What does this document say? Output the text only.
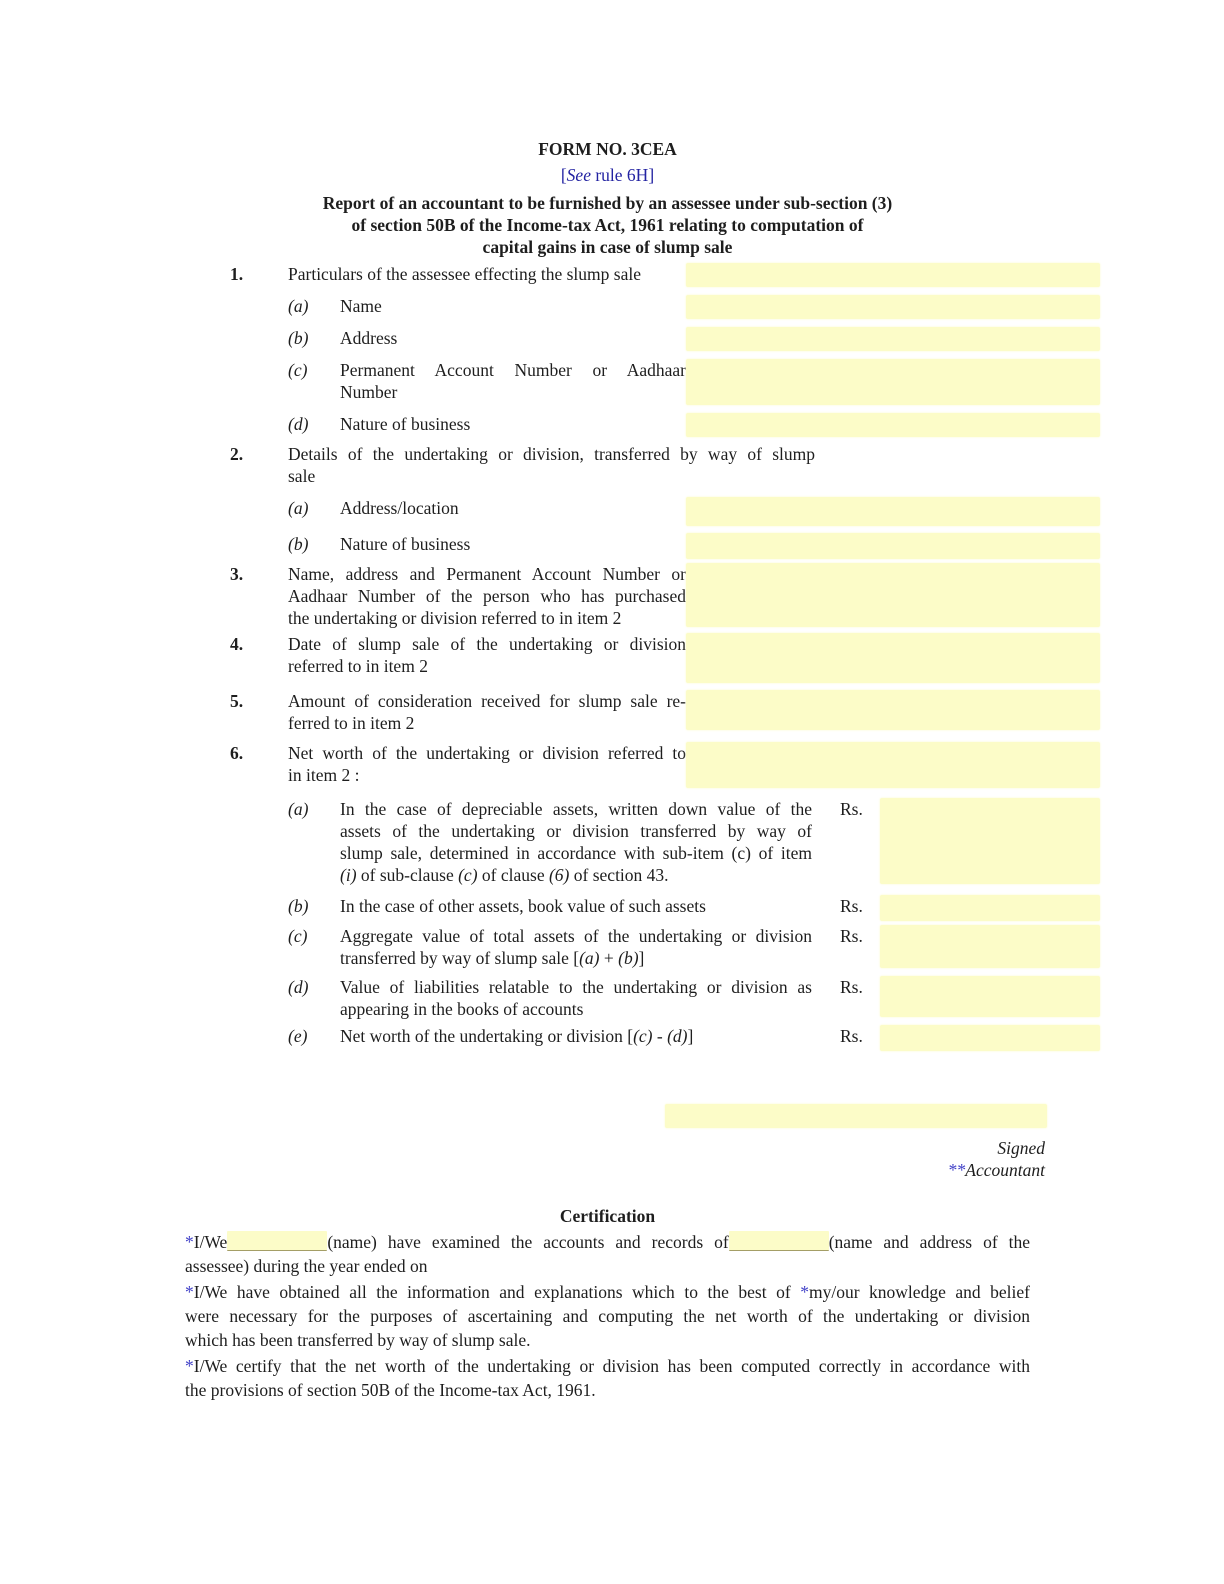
FORM NO. 3CEA
[See rule 6H]
Report of an accountant to be furnished by an assessee under sub-section (3)
of section 50B of the Income-tax Act, 1961 relating to computation of
capital gains in case of slump sale
1.	Particulars of the assessee effecting the slump sale
(a)	Name
(b)	Address
(c)	Permanent Account Number or Aadhaar
Number
(d)	Nature of business
2.	Details of the undertaking or division, transferred by way of slump
sale
(a)	Address/location
(b)	Nature of business
3.	Name, address and Permanent Account Number or
Aadhaar Number of the person who has purchased
the undertaking or division referred to in item 2
4.	Date of slump sale of the undertaking or division
referred to in item 2
5.	Amount of consideration received for slump sale re-
ferred to in item 2
6.	Net worth of the undertaking or division referred to
in item 2 :
(a)	In the case of depreciable assets, written down value of the
assets of the undertaking or division transferred by way of
slump sale, determined in accordance with sub-item (c) of item
(i) of sub-clause (c) of clause (6) of section 43.
Rs.
(b)	In the case of other assets, book value of such assets	Rs.
(c)	Aggregate value of total assets of the undertaking or division
transferred by way of slump sale [(a) + (b)]
Rs.
(d)	Value of liabilities relatable to the undertaking or division as
appearing in the books of accounts
Rs.
(e)	Net worth of the undertaking or division [(c) - (d)]	Rs.
Signed
**Accountant
Certification
*I/We	(name) have examined the accounts and records of	(name and address of the
assessee) during the year ended on
*I/We have obtained all the information and explanations which to the best of *my/our knowledge and belief
were necessary for the purposes of ascertaining and computing the net worth of the undertaking or division
which has been transferred by way of slump sale.
*I/We certify that the net worth of the undertaking or division has been computed correctly in accordance with
the provisions of section 50B of the Income-tax Act, 1961.
